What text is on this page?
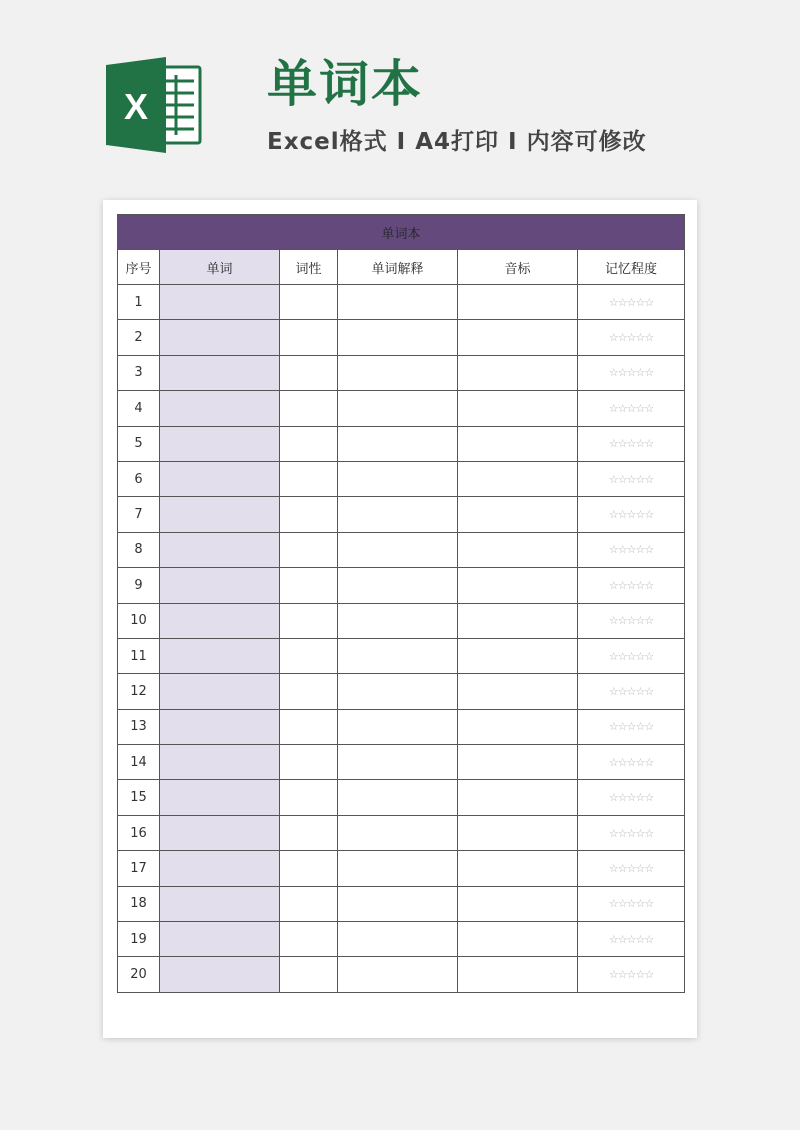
X 单词本
Excel格式 I A4打印 I 内容可修改
单词本					
序号	单词	词性	单词解释	音标	记忆程度
1					☆☆☆☆☆
2					☆☆☆☆☆
3					☆☆☆☆☆
4					☆☆☆☆☆
5					☆☆☆☆☆
6					☆☆☆☆☆
7					☆☆☆☆☆
8					☆☆☆☆☆
9					☆☆☆☆☆
10					☆☆☆☆☆
11					☆☆☆☆☆
12					☆☆☆☆☆
13					☆☆☆☆☆
14					☆☆☆☆☆
15					☆☆☆☆☆
16					☆☆☆☆☆
17					☆☆☆☆☆
18					☆☆☆☆☆
19					☆☆☆☆☆
20					☆☆☆☆☆
